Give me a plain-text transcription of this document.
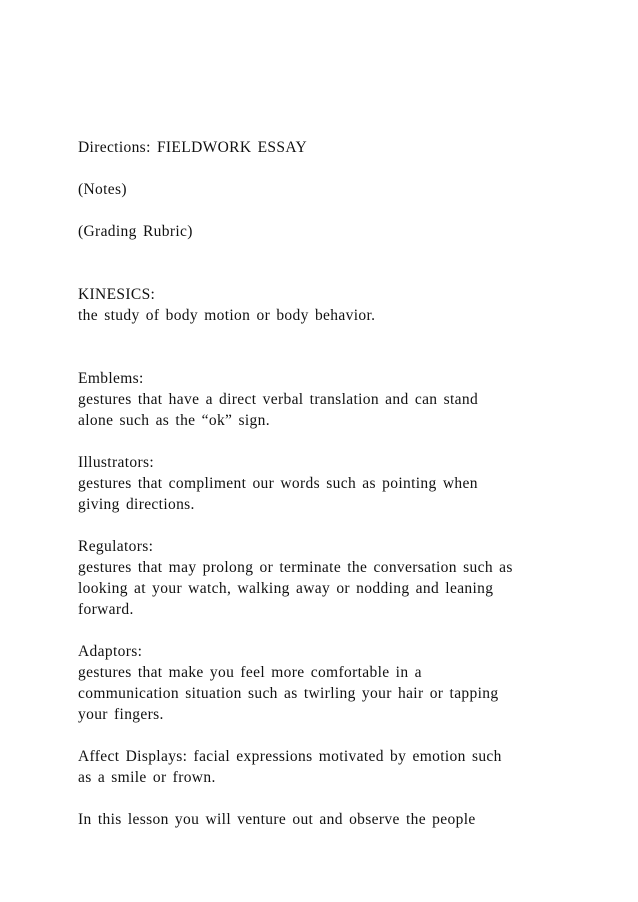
Directions: FIELDWORK ESSAY

(Notes)

(Grading Rubric)

KINESICS:
the study of body motion or body behavior.

Emblems:
gestures that have a direct verbal translation and can stand
alone such as the “ok” sign.

Illustrators:
gestures that compliment our words such as pointing when
giving directions.

Regulators:
gestures that may prolong or terminate the conversation such as
looking at your watch, walking away or nodding and leaning
forward.

Adaptors:
gestures that make you feel more comfortable in a
communication situation such as twirling your hair or tapping
your fingers.

Affect Displays: facial expressions motivated by emotion such
as a smile or frown.

In this lesson you will venture out and observe the people
